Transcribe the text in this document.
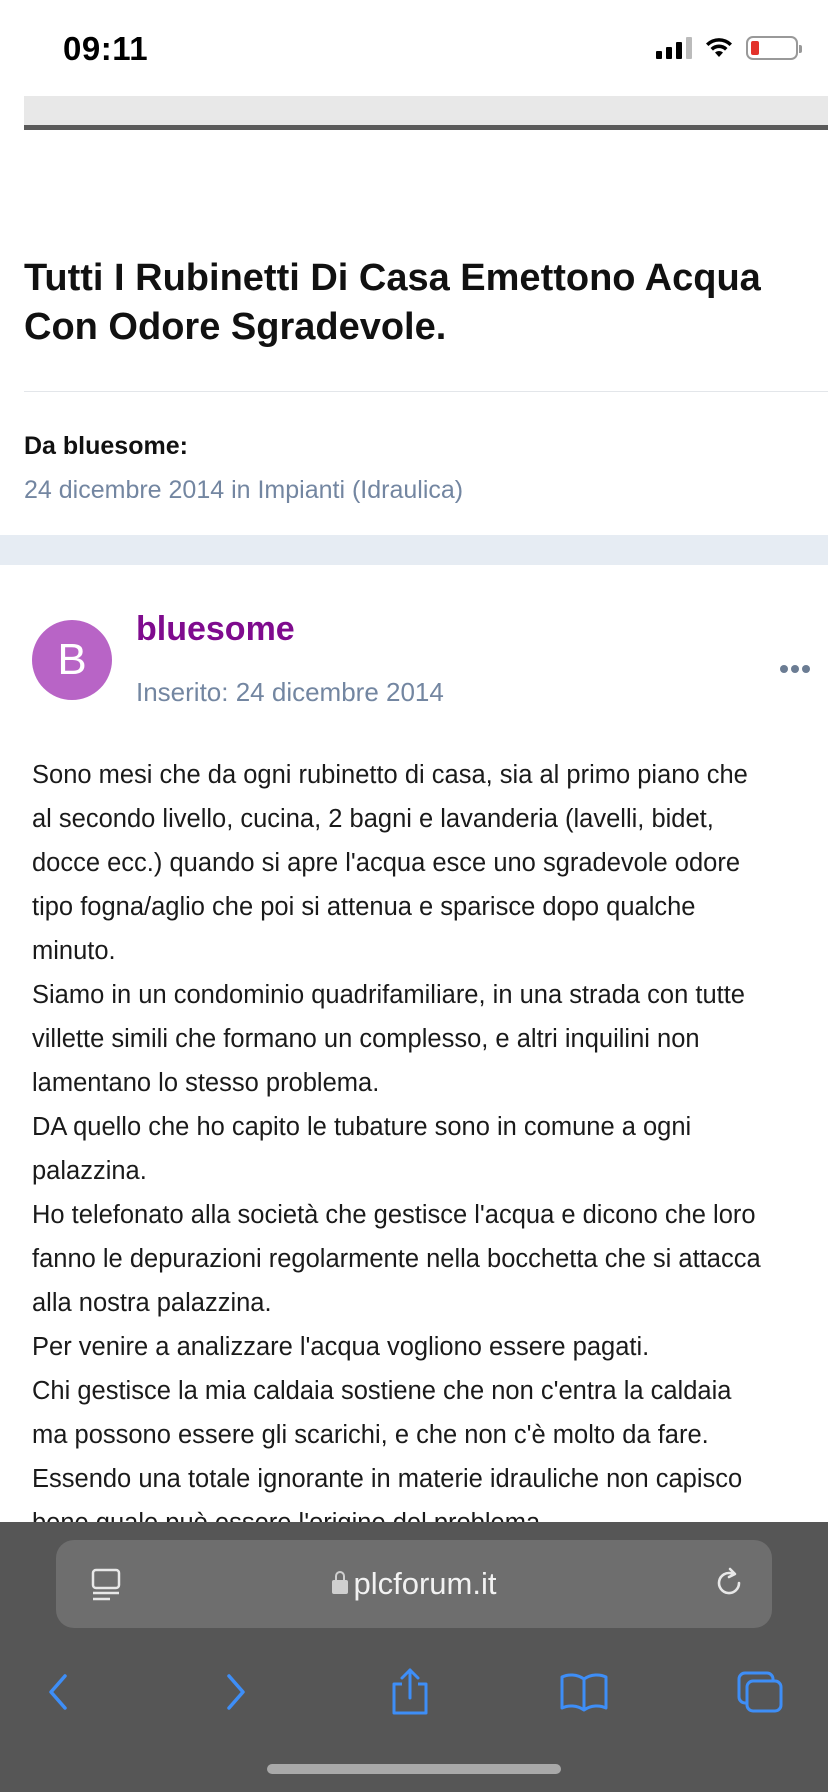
09:11
Tutti I Rubinetti Di Casa Emettono Acqua Con Odore Sgradevole.
Da bluesome:
24 dicembre 2014 in Impianti (Idraulica)
B
bluesome
Inserito: 24 dicembre 2014

Sono mesi che da ogni rubinetto di casa, sia al primo piano che

al secondo livello, cucina, 2 bagni e lavanderia (lavelli, bidet,

docce ecc.) quando si apre l'acqua esce uno sgradevole odore

tipo fogna/aglio che poi si attenua e sparisce dopo qualche

minuto.

Siamo in un condominio quadrifamiliare, in una strada con tutte

villette simili che formano un complesso, e altri inquilini non

lamentano lo stesso problema.

DA quello che ho capito le tubature sono in comune a ogni

palazzina.

Ho telefonato alla società che gestisce l'acqua e dicono che loro

fanno le depurazioni regolarmente nella bocchetta che si attacca

alla nostra palazzina.

Per venire a analizzare l'acqua vogliono essere pagati.

Chi gestisce la mia caldaia sostiene che non c'entra la caldaia

ma possono essere gli scarichi, e che non c'è molto da fare.

Essendo una totale ignorante in materie idrauliche non capisco

plcforum.it
